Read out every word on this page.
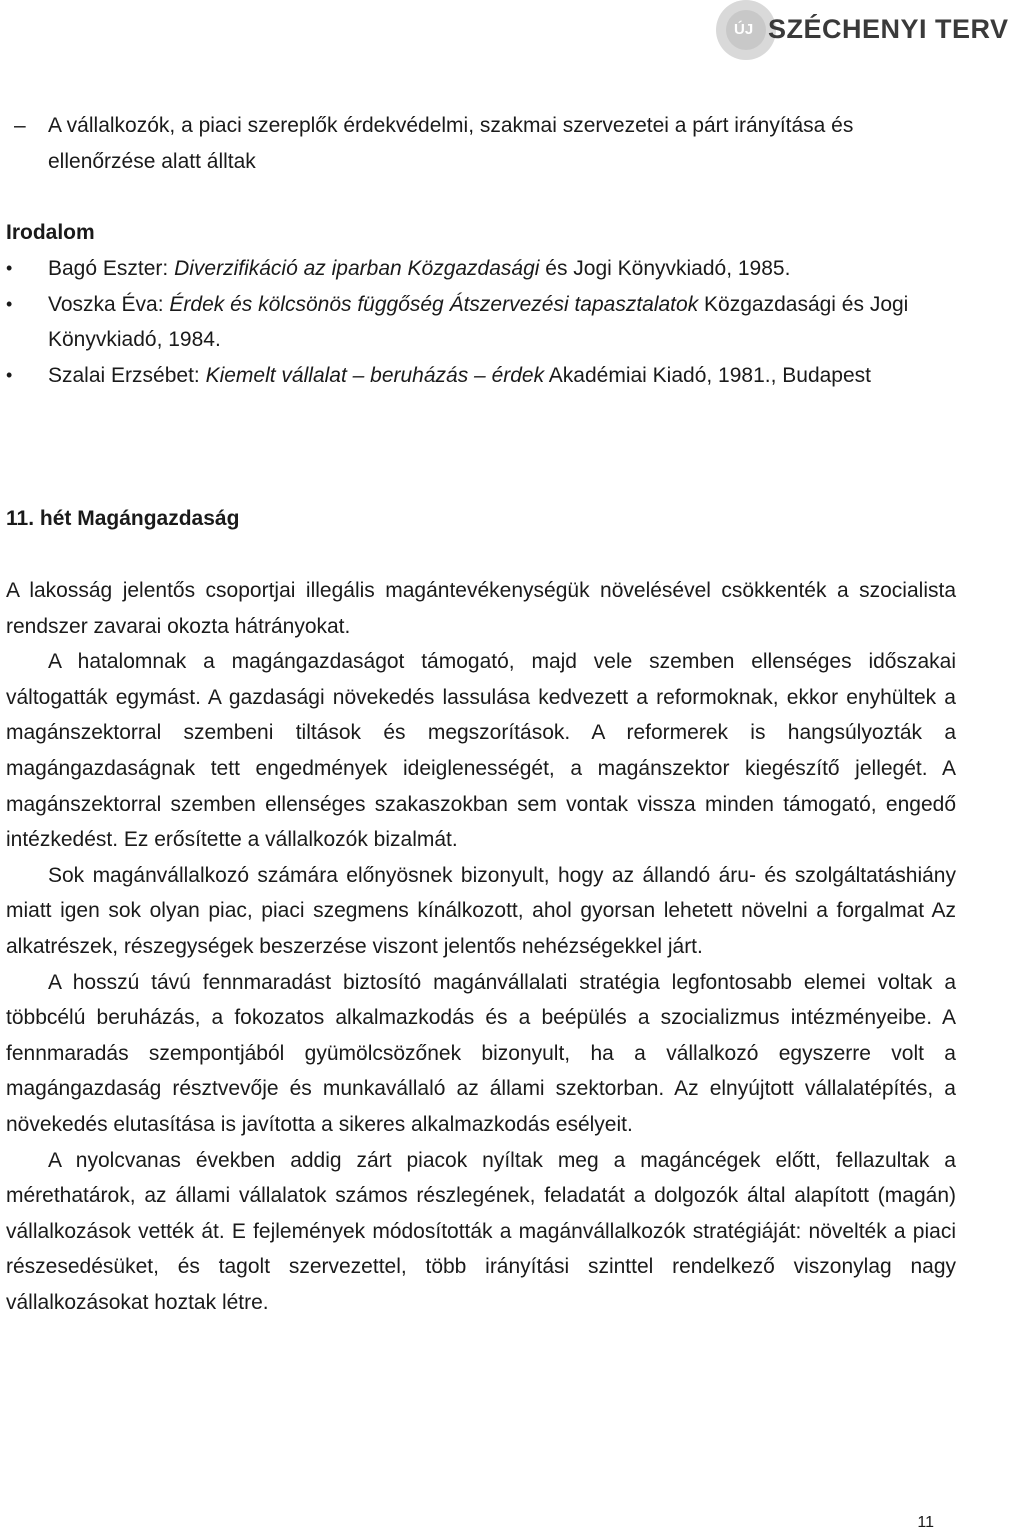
ÚJ SZÉCHENYI TERV
– A vállalkozók, a piaci szereplők érdekvédelmi, szakmai szervezetei a párt irányítása és ellenőrzése alatt álltak
Irodalom
• Bagó Eszter: Diverzifikáció az iparban Közgazdasági és Jogi Könyvkiadó, 1985.
• Voszka Éva: Érdek és kölcsönös függőség Átszervezési tapasztalatok Közgazdasági és Jogi Könyvkiadó, 1984.
• Szalai Erzsébet: Kiemelt vállalat – beruházás – érdek Akadémiai Kiadó, 1981., Budapest
11. hét Magángazdaság

A lakosság jelentős csoportjai illegális magántevékenységük növelésével csökkenték a szocialista rendszer zavarai okozta hátrányokat.

A hatalomnak a magángazdaságot támogató, majd vele szemben ellenséges időszakai váltogatták egymást. A gazdasági növekedés lassulása kedvezett a reformoknak, ekkor enyhültek a magánszektorral szembeni tiltások és megszorítások. A reformerek is hangsúlyozták a magángazdaságnak tett engedmények ideiglenességét, a magánszektor kiegészítő jellegét. A magánszektorral szemben ellenséges szakaszokban sem vontak vissza minden támogató, engedő intézkedést. Ez erősítette a vállalkozók bizalmát.

Sok magánvállalkozó számára előnyösnek bizonyult, hogy az állandó áru- és szolgáltatáshiány miatt igen sok olyan piac, piaci szegmens kínálkozott, ahol gyorsan lehetett növelni a forgalmat Az alkatrészek, részegységek beszerzése viszont jelentős nehézségekkel járt.

A hosszú távú fennmaradást biztosító magánvállalati stratégia legfontosabb elemei voltak a többcélú beruházás, a fokozatos alkalmazkodás és a beépülés a szocializmus intézményeibe. A fennmaradás szempontjából gyümölcsözőnek bizonyult, ha a vállalkozó egyszerre volt a magángazdaság résztvevője és munkavállaló az állami szektorban. Az elnyújtott vállalatépítés, a növekedés elutasítása is javította a sikeres alkalmazkodás esélyeit.

A nyolcvanas években addig zárt piacok nyíltak meg a magáncégek előtt, fellazultak a mérethatárok, az állami vállalatok számos részlegének, feladatát a dolgozók által alapított (magán) vállalkozások vették át. E fejlemények módosították a magánvállalkozók stratégiáját: növelték a piaci részesedésüket, és tagolt szervezettel, több irányítási szinttel rendelkező viszonylag nagy vállalkozásokat hoztak létre.

11
